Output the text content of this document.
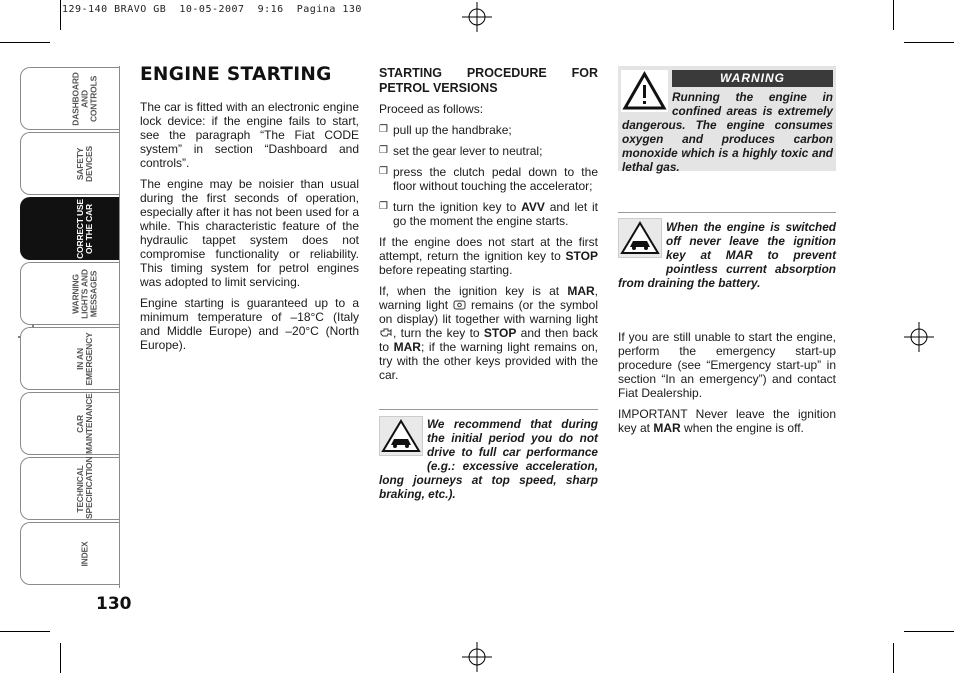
129-140 BRAVO GB  10-05-2007  9:16  Pagina 130
DASHBOARD
AND CONTROLS
SAFETY
DEVICES
CORRECT USE
OF THE CAR
WARNING
LIGHTS AND
MESSAGES
IN AN
EMERGENCY
CAR
MAINTENANCE
TECHNICAL
SPECIFICATION
INDEX
130
ENGINE STARTING

The car is fitted with an electronic engine lock device: if the engine fails to start, see the paragraph “The Fiat CODE system” in section “Dashboard and controls”.

The engine may be noisier than usual during the first seconds of operation, especially after it has not been used for a while. This characteristic feature of the hydraulic tappet system does not compromise functionality or reliability. This timing system for petrol engines was adopted to limit servicing.

Engine starting is guaranteed up to a minimum temperature of –18°C (Italy and Middle Europe) and –20°C (North Europe).

STARTING PROCEDURE FOR PETROL VERSIONS

Proceed as follows:

❐ pull up the handbrake;

❐ set the gear lever to neutral;

❐ press the clutch pedal down to the floor without touching the accelerator;

❐ turn the ignition key to AVV and let it go the moment the engine starts.

If the engine does not start at the first attempt, return the ignition key to STOP before repeating starting.

If, when the ignition key is at MAR, warning light  remains (or the symbol on display) lit together with warning light , turn the key to STOP and then back to MAR; if the warning light remains on, try with the other keys provided with the car.

We recommend that during the initial period you do not drive to full car performance (e.g.: excessive acceleration, long journeys at top speed, sharp braking, etc.).
WARNING
Running the engine in confined areas is extremely dangerous. The engine consumes oxygen and produces carbon monoxide which is a highly toxic and lethal gas.
When the engine is switched off never leave the ignition key at MAR to prevent pointless current absorption from draining the battery.

If you are still unable to start the engine, perform the emergency start-up procedure (see “Emergency start-up” in section “In an emergency”) and contact Fiat Dealership.

IMPORTANT Never leave the ignition key at MAR when the engine is off.
